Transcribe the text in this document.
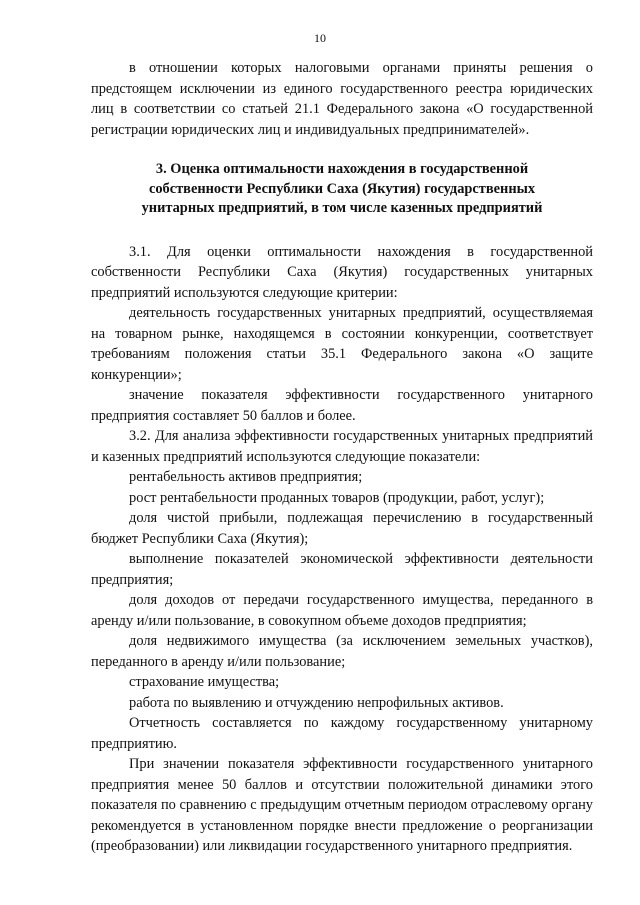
10

в отношении которых налоговыми органами приняты решения о предстоящем исключении из единого государственного реестра юридических лиц в соответствии со статьей 21.1 Федерального закона «О государственной регистрации юридических лиц и индивидуальных предпринимателей».

3. Оценка оптимальности нахождения в государственной
собственности Республики Саха (Якутия) государственных
унитарных предприятий, в том числе казенных предприятий

3.1. Для оценки оптимальности нахождения в государственной собственности Республики Саха (Якутия) государственных унитарных предприятий используются следующие критерии:

деятельность государственных унитарных предприятий, осуществляемая на товарном рынке, находящемся в состоянии конкуренции, соответствует требованиям положения статьи 35.1 Федерального закона «О защите конкуренции»;

значение показателя эффективности государственного унитарного предприятия составляет 50 баллов и более.

3.2. Для анализа эффективности государственных унитарных предприятий и казенных предприятий используются следующие показатели:

рентабельность активов предприятия;

рост рентабельности проданных товаров (продукции, работ, услуг);

доля чистой прибыли, подлежащая перечислению в государственный бюджет Республики Саха (Якутия);

выполнение показателей экономической эффективности деятельности предприятия;

доля доходов от передачи государственного имущества, переданного в аренду и/или пользование, в совокупном объеме доходов предприятия;

доля недвижимого имущества (за исключением земельных участков), переданного в аренду и/или пользование;

страхование имущества;

работа по выявлению и отчуждению непрофильных активов.

Отчетность составляется по каждому государственному унитарному предприятию.

При значении показателя эффективности государственного унитарного предприятия менее 50 баллов и отсутствии положительной динамики этого показателя по сравнению с предыдущим отчетным периодом отраслевому органу рекомендуется в установленном порядке внести предложение о реорганизации (преобразовании) или ликвидации государственного унитарного предприятия.
